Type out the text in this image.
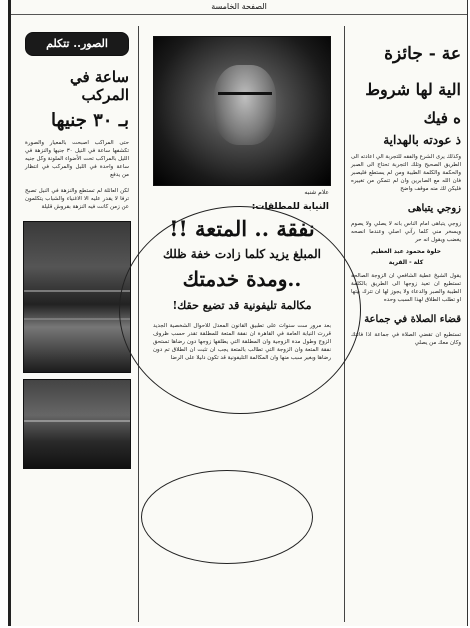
الصفحة الخامسة
الصور.. تتكلم
ساعة في المركب
بـ ٣٠ جنيها
حتى المراكب اصبحت بالمعيار والصورة تكشفها ساعة في النيل ٣٠ جنيها والنزهة في الليل بالمراكب تحت الأضواء الملونة وكل جنيه ساعة واحدة في الليل والمركب في انتظار من يدفع
لكن العائلة لم تستطع والنزهة في النيل تصبح ترفا لا يقدر عليه الا الاغنياء والشباب يتكلمون عن زمن كانت فيه النزهة بقروش قليلة
علام شنبه
النيابة للمطلقات:
نفقة .. المتعة !!
المبلغ يزيد كلما زادت خفة ظلك
..ومدة خدمتك
مكالمة تليفونية قد تضيع حقك!
بعد مرور ست سنوات على تطبيق القانون المعدل للاحوال الشخصية الجديد قررت النيابة العامة في القاهرة ان نفقة المتعة للمطلقة تقدر حسب ظروف الزوج وطول مدة الزوجية وان المطلقة التي يطلقها زوجها دون رضاها تستحق نفقة المتعة وان الزوجة التي تطالب بالمتعة يجب ان تثبت ان الطلاق تم دون رضاها وبغير سبب منها وان المكالمة التليفونية قد تكون دليلا على الرضا
عة - جائزة
الية لها شروط
ه فيك
ذ عودته بالهداية
وكذلك يرى الشرع والفقه للتجربة الي اعادته الى الطريق الصحيح وتلك التجربة تحتاج الى الصبر والحكمة والكلمة الطيبة ومن لم يستطع فليصبر فان الله مع الصابرين وان لم تتمكن من تغييره فليكن لك منه موقف واضح
زوجي يتباهى
زوجي يتباهى امام الناس بانه لا يصلي ولا يصوم ويسخر مني كلما رآني اصلي وعندما انصحه يغضب ويقول انه حر
حلوة محمود عبد العظيم
كلة - القرية
يقول الشيخ عطية الشافعي ان الزوجة الصالحة تستطيع ان تعيد زوجها الى الطريق بالكلمة الطيبة والصبر والدعاء ولا يجوز لها ان تترك بيتها او تطلب الطلاق لهذا السبب وحده
قضاء الصلاة في جماعة
تستطيع ان تقضي الصلاة في جماعة اذا فاتتك وكان معك من يصلي
